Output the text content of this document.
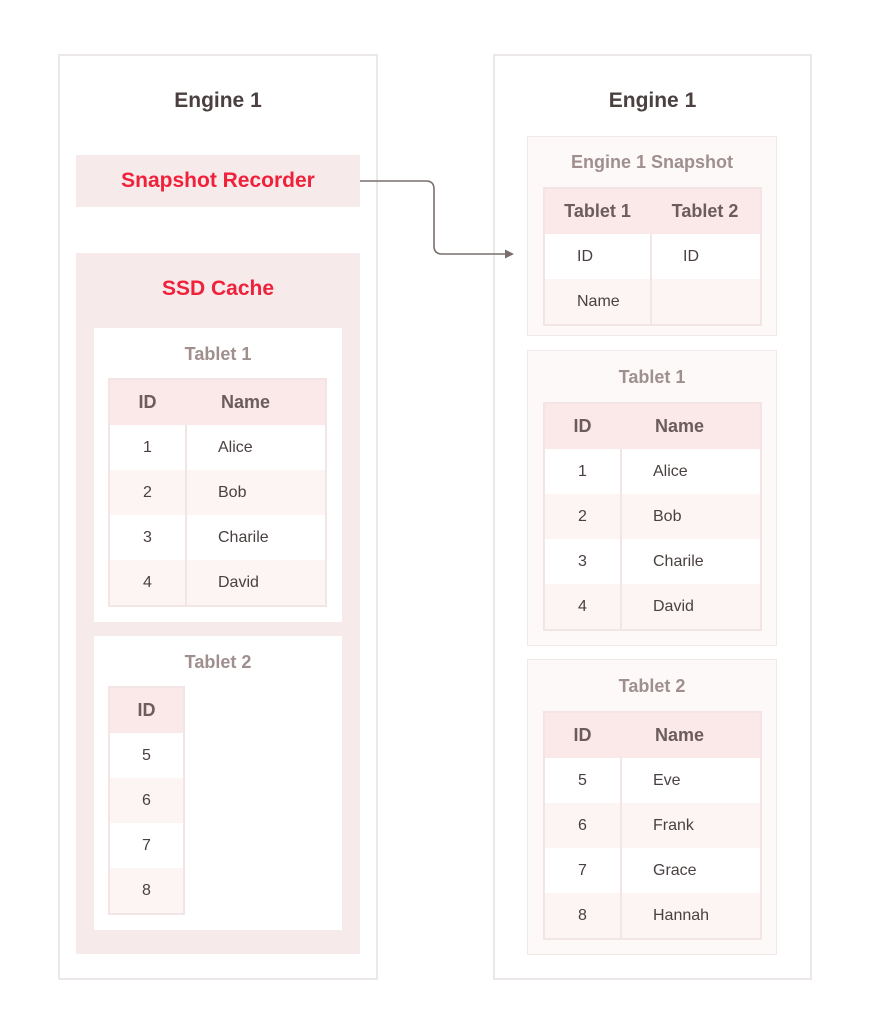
Engine 1
Snapshot Recorder
SSD Cache
Tablet 1
ID	Name
1	Alice
2	Bob
3	Charile
4	David
Tablet 2
ID
5
6
7
8
Engine 1
Engine 1 Snapshot
Tablet 1	Tablet 2
ID	ID
Name
Tablet 1
ID	Name
1	Alice
2	Bob
3	Charile
4	David
Tablet 2
ID	Name
5	Eve
6	Frank
7	Grace
8	Hannah
